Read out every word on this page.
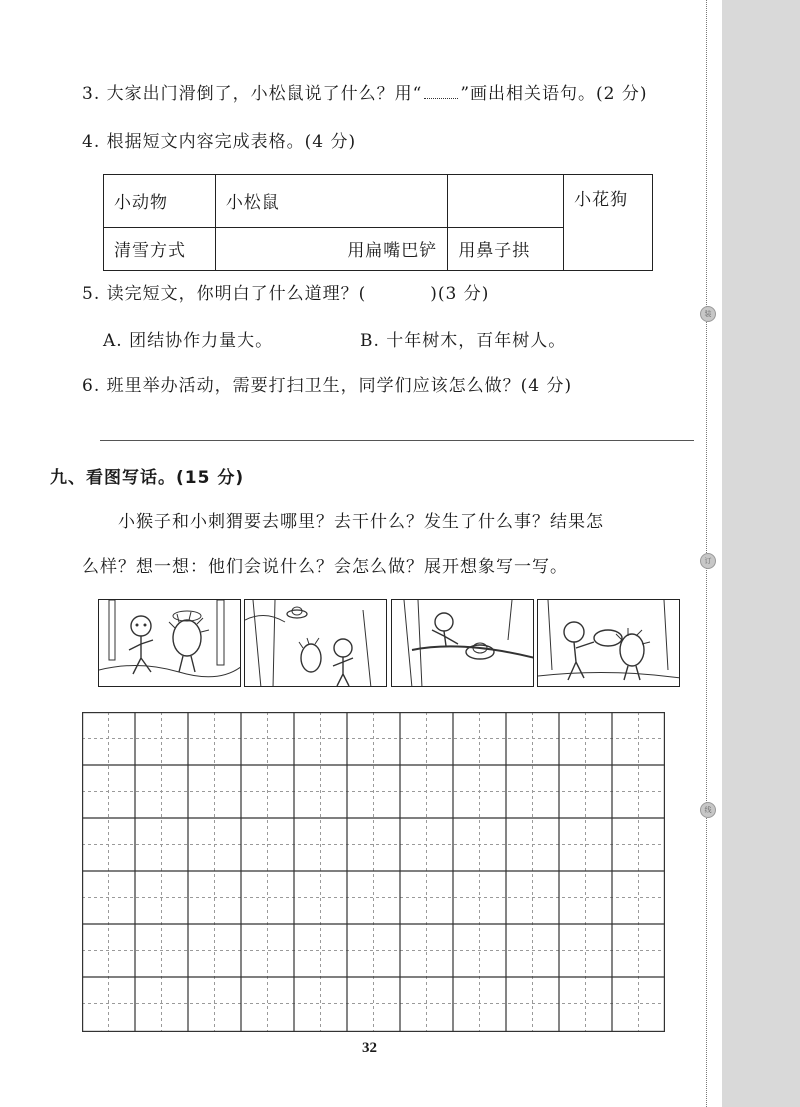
装
订
线
3. 大家出门滑倒了，小松鼠说了什么？用“ ”画出相关语句。(2 分)
4. 根据短文内容完成表格。(4 分)
小动物	小松鼠		小花狗
清雪方式	用扁嘴巴铲	用鼻子拱	
5. 读完短文，你明白了什么道理？(	)(3 分)
A. 团结协作力量大。	B. 十年树木，百年树人。
6. 班里举办活动，需要打扫卫生，同学们应该怎么做？(4 分)
九、看图写话。(15 分)
小猴子和小刺猬要去哪里？去干什么？发生了什么事？结果怎
么样？想一想：他们会说什么？会怎么做？展开想象写一写。
32
